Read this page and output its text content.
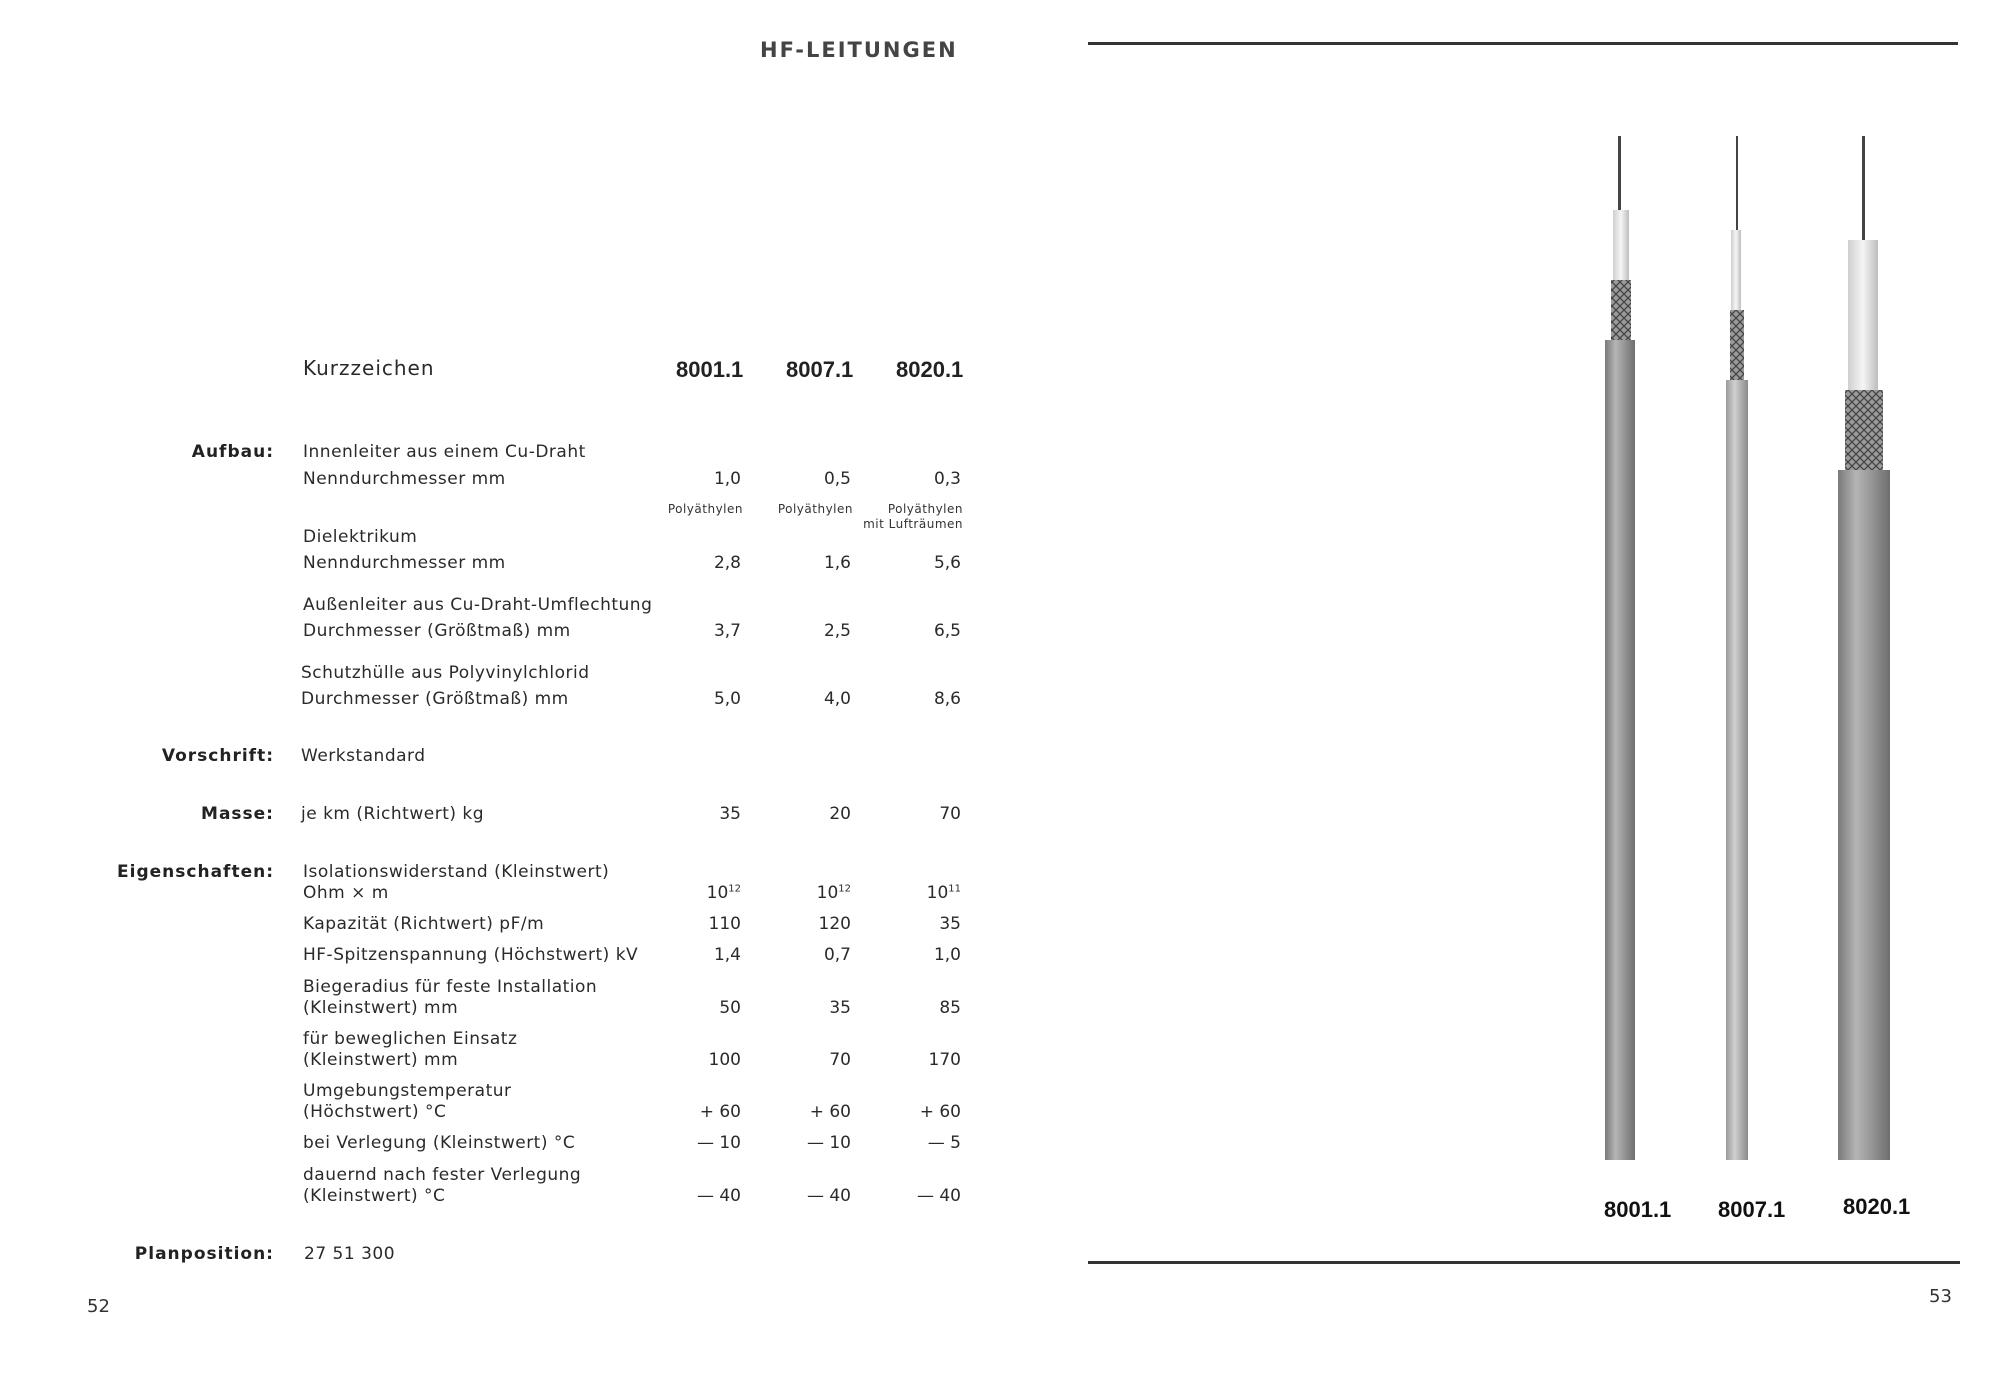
HF-LEITUNGEN
Kurzzeichen	8001.1 8007.1 8020.1
Aufbau: Innenleiter aus einem Cu-Draht
Nenndurchmesser mm	1,0	0,5	0,3
Polyäthylen	Polyäthylen	Polyäthylen mit Lufträumen
Dielektrikum
Nenndurchmesser mm	2,8	1,6	5,6
Außenleiter aus Cu-Draht-Umflechtung
Durchmesser (Größtmaß) mm	3,7	2,5	6,5
Schutzhülle aus Polyvinylchlorid
Durchmesser (Größtmaß) mm	5,0	4,0	8,6
Vorschrift: Werkstandard
Masse: je km (Richtwert) kg	35	20	70
Eigenschaften: Isolationswiderstand (Kleinstwert)
Ohm × m	$10^{12}$	$10^{12}$	$10^{11}$
Kapazität (Richtwert) pF/m	110	120	35
HF-Spitzenspannung (Höchstwert) kV	1,4	0,7	1,0
Biegeradius für feste Installation
(Kleinstwert) mm	50	35	85
für beweglichen Einsatz
(Kleinstwert) mm	100	70	170
Umgebungstemperatur
(Höchstwert) °C	+ 60	+ 60	+ 60
bei Verlegung (Kleinstwert) °C	— 10	— 10	— 5
dauernd nach fester Verlegung
(Kleinstwert) °C	— 40	— 40	— 40
Planposition: 27 51 300
52	53
8001.1 8007.1	8020.1
